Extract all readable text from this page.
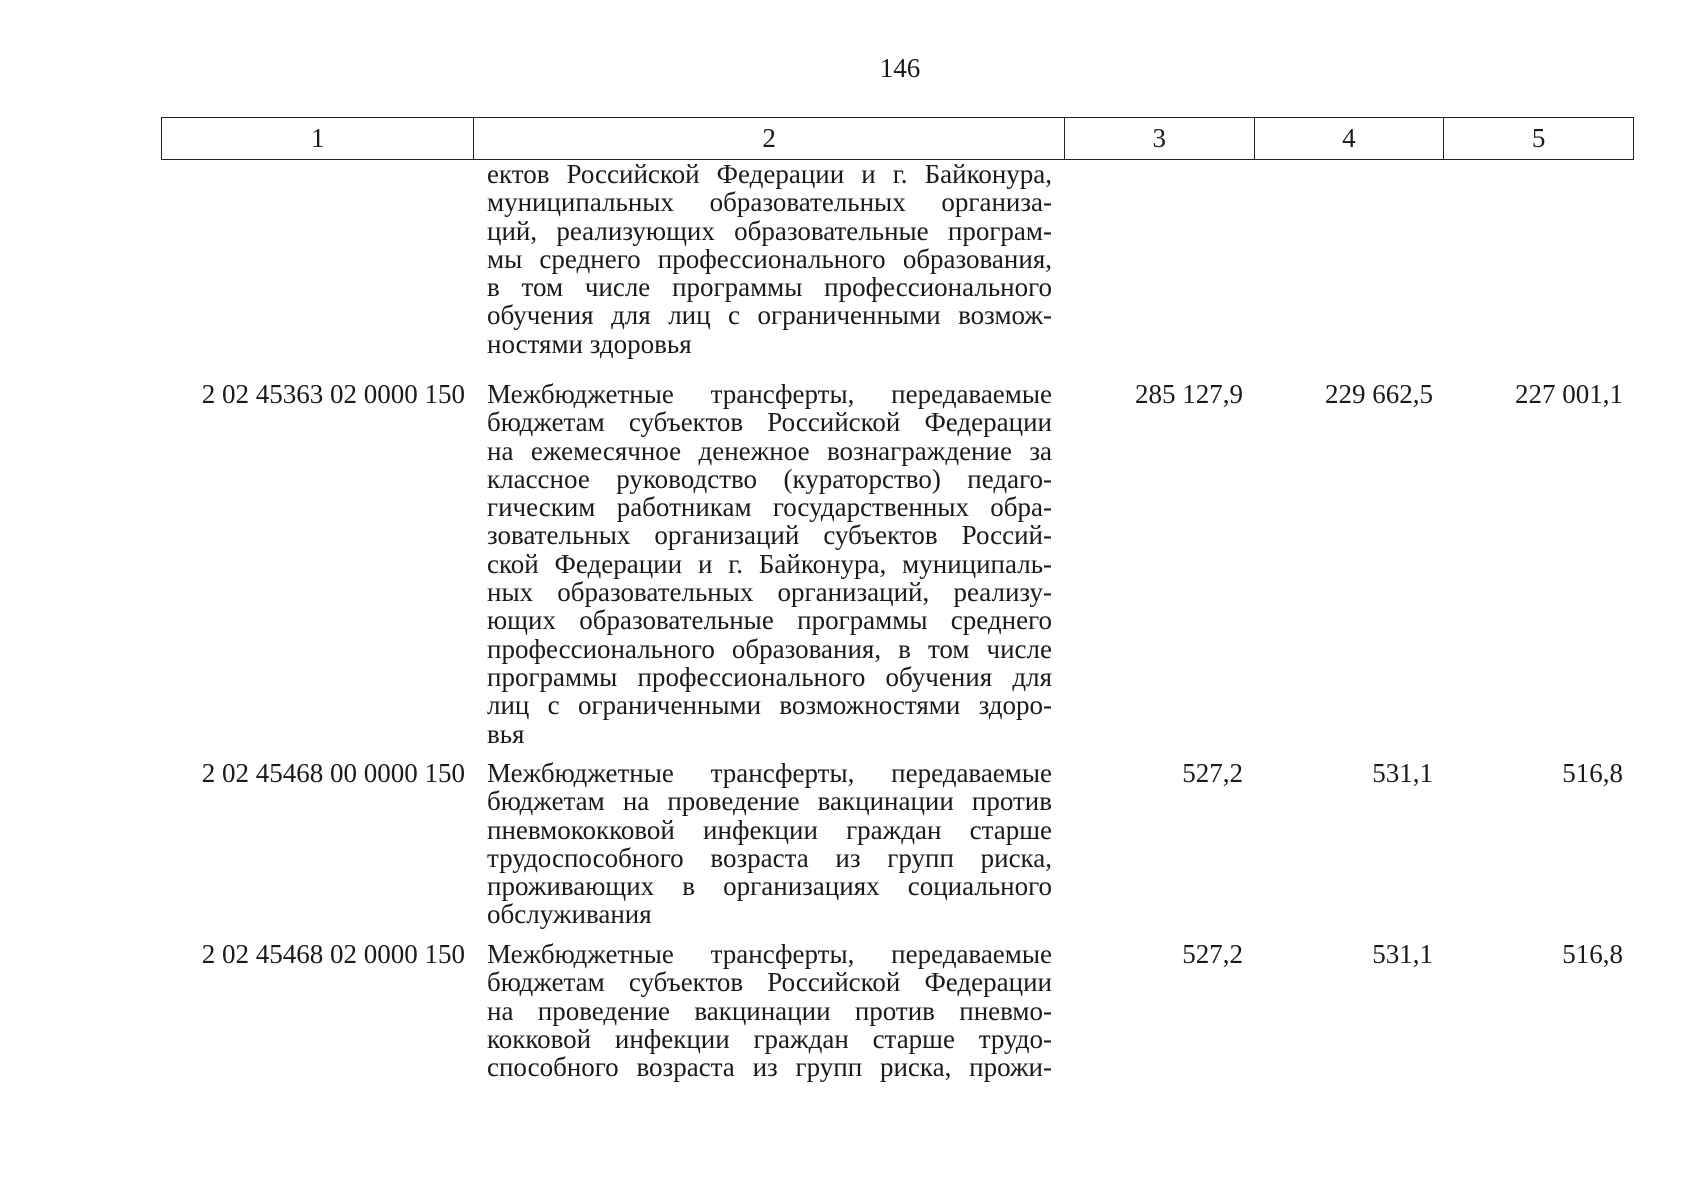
146
1	2	3	4	5
ектов Российской Федерации и г. Байконура,
муниципальных образовательных организа-
ций, реализующих образовательные програм-
мы среднего профессионального образования,
в том числе программы профессионального
обучения для лиц с ограниченными возмож-
ностями здоровья
2 02 45363 02 0000 150 Межбюджетные трансферты, передаваемые
бюджетам субъектов Российской Федерации
на ежемесячное денежное вознаграждение за
классное руководство (кураторство) педаго-
гическим работникам государственных обра-
зовательных организаций субъектов Россий-
ской Федерации и г. Байконура, муниципаль-
ных образовательных организаций, реализу-
ющих образовательные программы среднего
профессионального образования, в том числе
программы профессионального обучения для
лиц с ограниченными возможностями здоро-
вья
285 127,9	229 662,5	227 001,1
2 02 45468 00 0000 150 Межбюджетные трансферты, передаваемые
бюджетам на проведение вакцинации против
пневмококковой инфекции граждан старше
трудоспособного возраста из групп риска,
проживающих в организациях социального
обслуживания
527,2	531,1	516,8
2 02 45468 02 0000 150 Межбюджетные трансферты, передаваемые
бюджетам субъектов Российской Федерации
на проведение вакцинации против пневмо-
кокковой инфекции граждан старше трудо-
способного возраста из групп риска, прожи-
527,2	531,1	516,8
